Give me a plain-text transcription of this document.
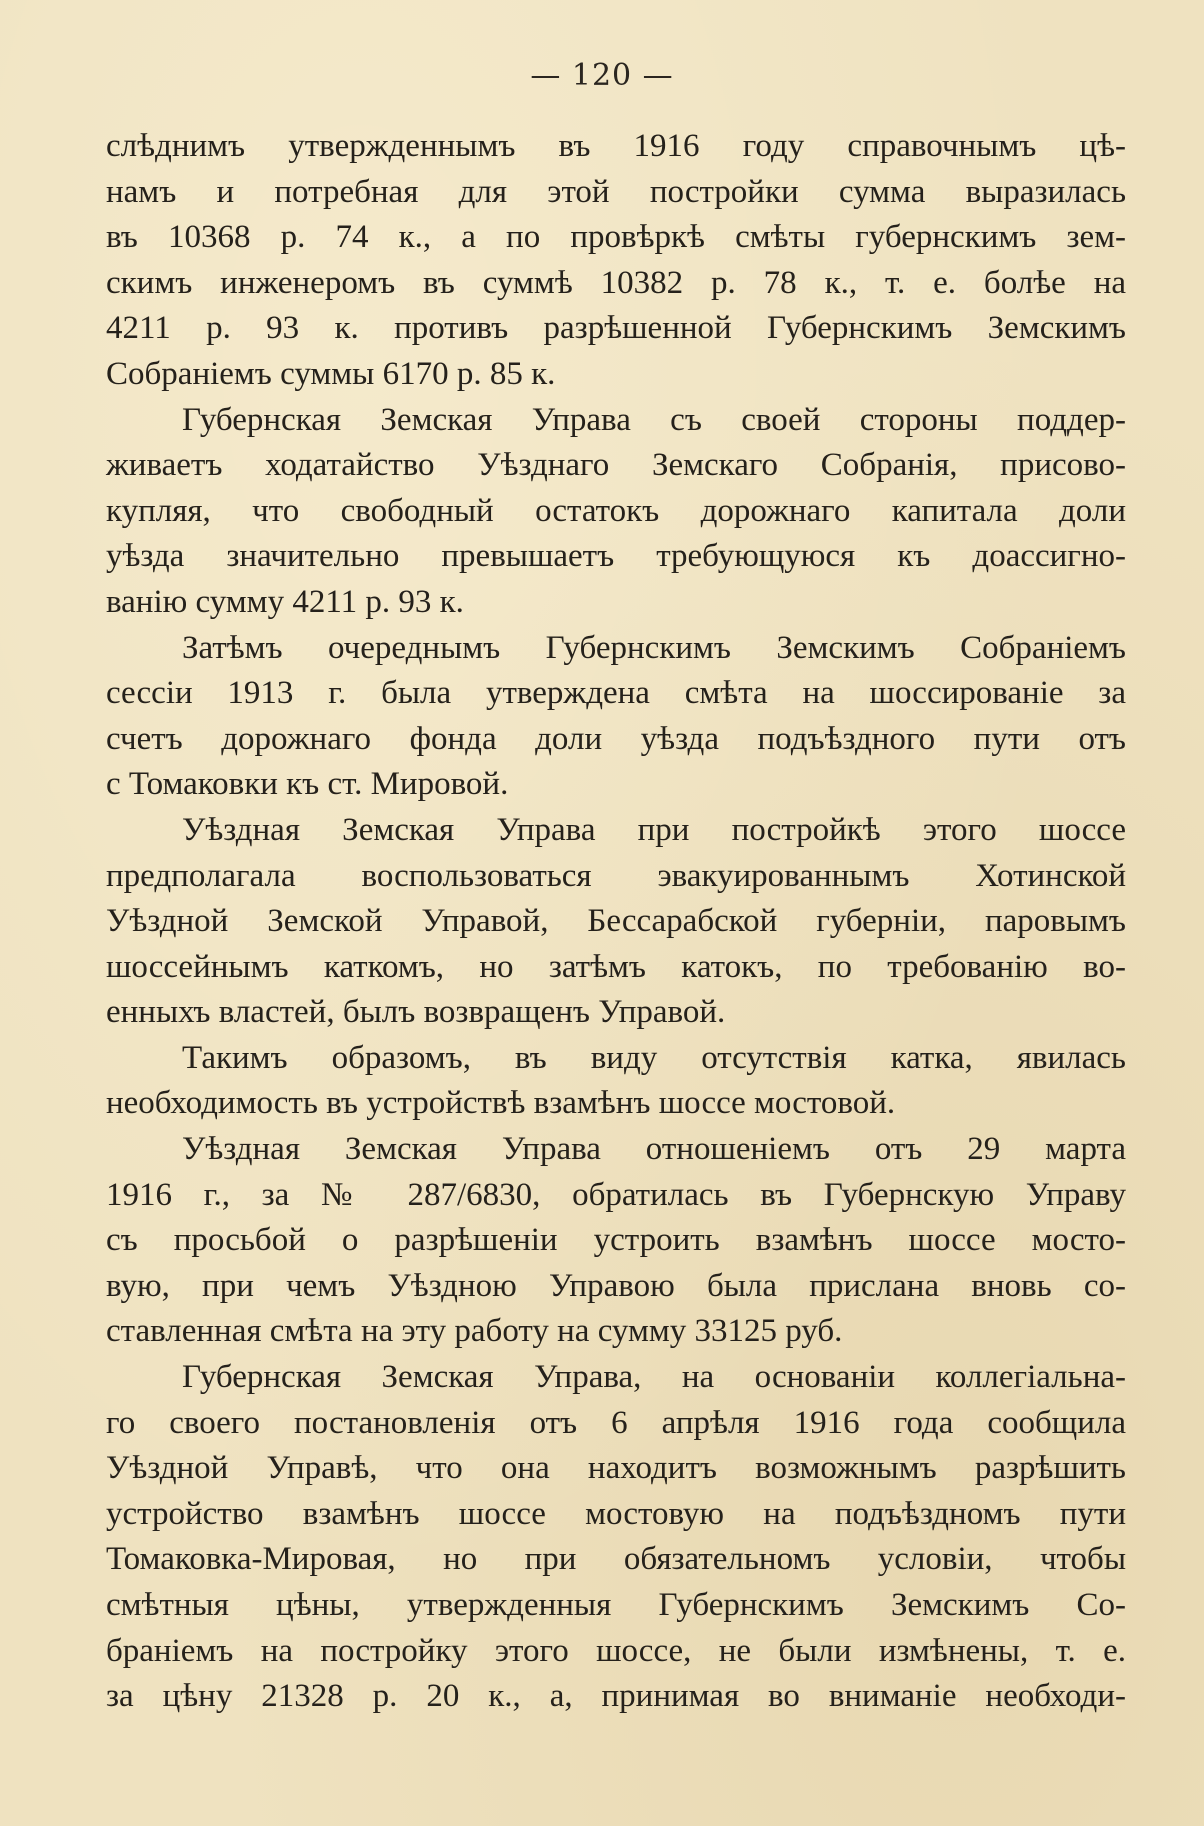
— 120 —
слѣднимъ утвержденнымъ въ 1916 году справочнымъ цѣ-
намъ и потребная для этой постройки сумма выразилась
въ 10368 р. 74 к., а по провѣркѣ смѣты губернскимъ зем-
скимъ инженеромъ въ суммѣ 10382 р. 78 к., т. е. болѣе на
4211 р. 93 к. противъ разрѣшенной Губернскимъ Земскимъ
Собраніемъ суммы 6170 р. 85 к.
Губернская Земская Управа съ своей стороны поддер-
живаетъ ходатайство Уѣзднаго Земскаго Собранія, присово-
купляя, что свободный остатокъ дорожнаго капитала доли
уѣзда значительно превышаетъ требующуюся къ доассигно-
ванію сумму 4211 р. 93 к.
Затѣмъ очереднымъ Губернскимъ Земскимъ Собраніемъ
сессіи 1913 г. была утверждена смѣта на шоссированіе за
счетъ дорожнаго фонда доли уѣзда подъѣздного пути отъ
с Томаковки къ ст. Мировой.
Уѣздная Земская Управа при постройкѣ этого шоссе
предполагала воспользоваться эвакуированнымъ Хотинской
Уѣздной Земской Управой, Бессарабской губерніи, паровымъ
шоссейнымъ каткомъ, но затѣмъ катокъ, по требованію во-
енныхъ властей, былъ возвращенъ Управой.
Такимъ образомъ, въ виду отсутствія катка, явилась
необходимость въ устройствѣ взамѣнъ шоссе мостовой.
Уѣздная Земская Управа отношеніемъ отъ 29 марта
1916 г., за № 287/6830, обратилась въ Губернскую Управу
съ просьбой о разрѣшеніи устроить взамѣнъ шоссе мосто-
вую, при чемъ Уѣздною Управою была прислана вновь со-
ставленная смѣта на эту работу на сумму 33125 руб.
Губернская Земская Управа, на основаніи коллегіальна-
го своего постановленія отъ 6 апрѣля 1916 года сообщила
Уѣздной Управѣ, что она находитъ возможнымъ разрѣшить
устройство взамѣнъ шоссе мостовую на подъѣздномъ пути
Томаковка-Мировая, но при обязательномъ условіи, чтобы
смѣтныя цѣны, утвержденныя Губернскимъ Земскимъ Со-
браніемъ на постройку этого шоссе, не были измѣнены, т. е.
за цѣну 21328 р. 20 к., а, принимая во вниманіе необходи-
